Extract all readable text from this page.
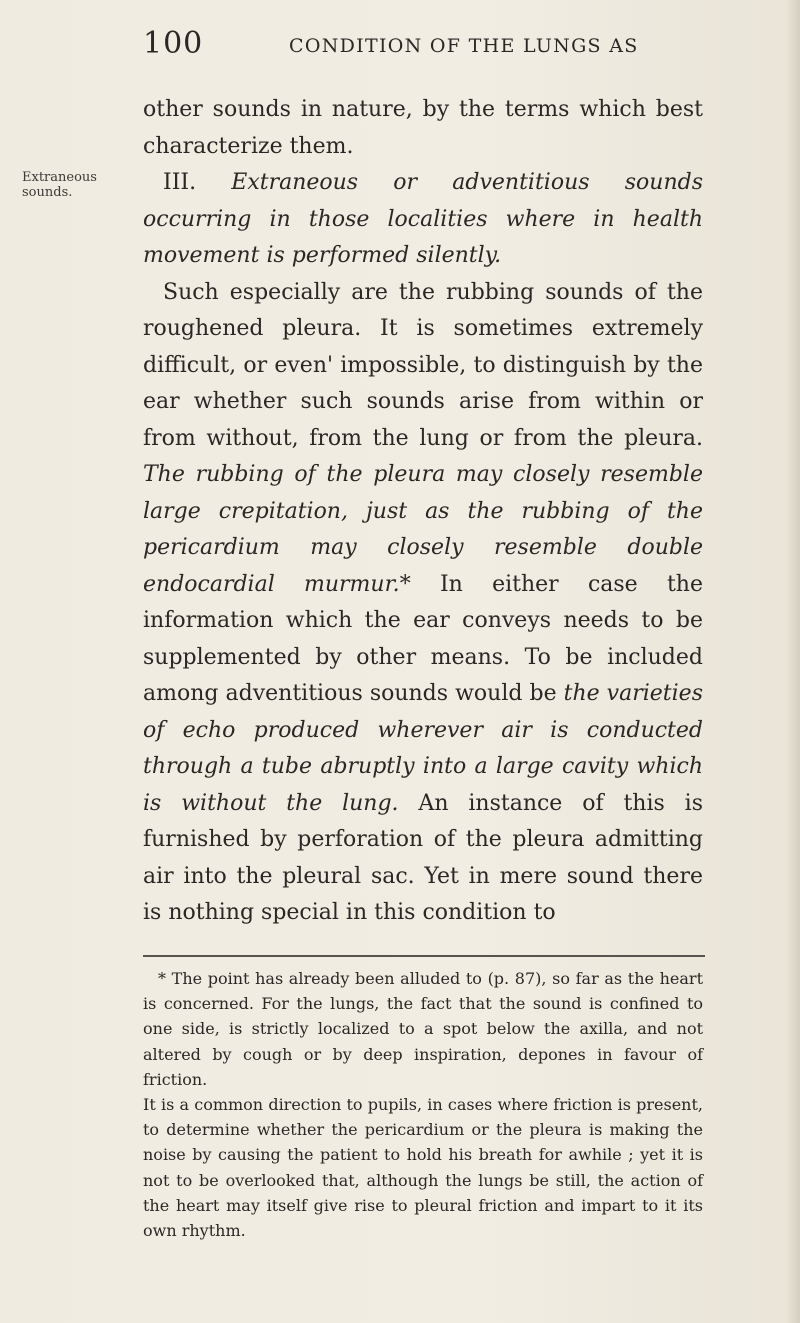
100	CONDITION OF THE LUNGS AS
Extraneous
sounds.

other sounds in nature, by the terms which best characterize them.

III. Extraneous or adventitious sounds occurring in those localities where in health movement is performed silently.

Such especially are the rubbing sounds of the roughened pleura. It is sometimes extremely difficult, or even' impossible, to distinguish by the ear whether such sounds arise from within or from without, from the lung or from the pleura. The rubbing of the pleura may closely resemble large crepitation, just as the rubbing of the pericardium may closely resemble double endocardial murmur.* In either case the information which the ear conveys needs to be supplemented by other means. To be included among adventitious sounds would be the varieties of echo produced wherever air is conducted through a tube abruptly into a large cavity which is without the lung. An instance of this is furnished by perforation of the pleura admitting air into the pleural sac. Yet in mere sound there is nothing special in this condition to

* The point has already been alluded to (p. 87), so far as the heart is concerned. For the lungs, the fact that the sound is confined to one side, is strictly localized to a spot below the axilla, and not altered by cough or by deep inspiration, depones in favour of friction.

It is a common direction to pupils, in cases where friction is present, to determine whether the pericardium or the pleura is making the noise by causing the patient to hold his breath for awhile ; yet it is not to be overlooked that, although the lungs be still, the action of the heart may itself give rise to pleural friction and impart to it its own rhythm.
